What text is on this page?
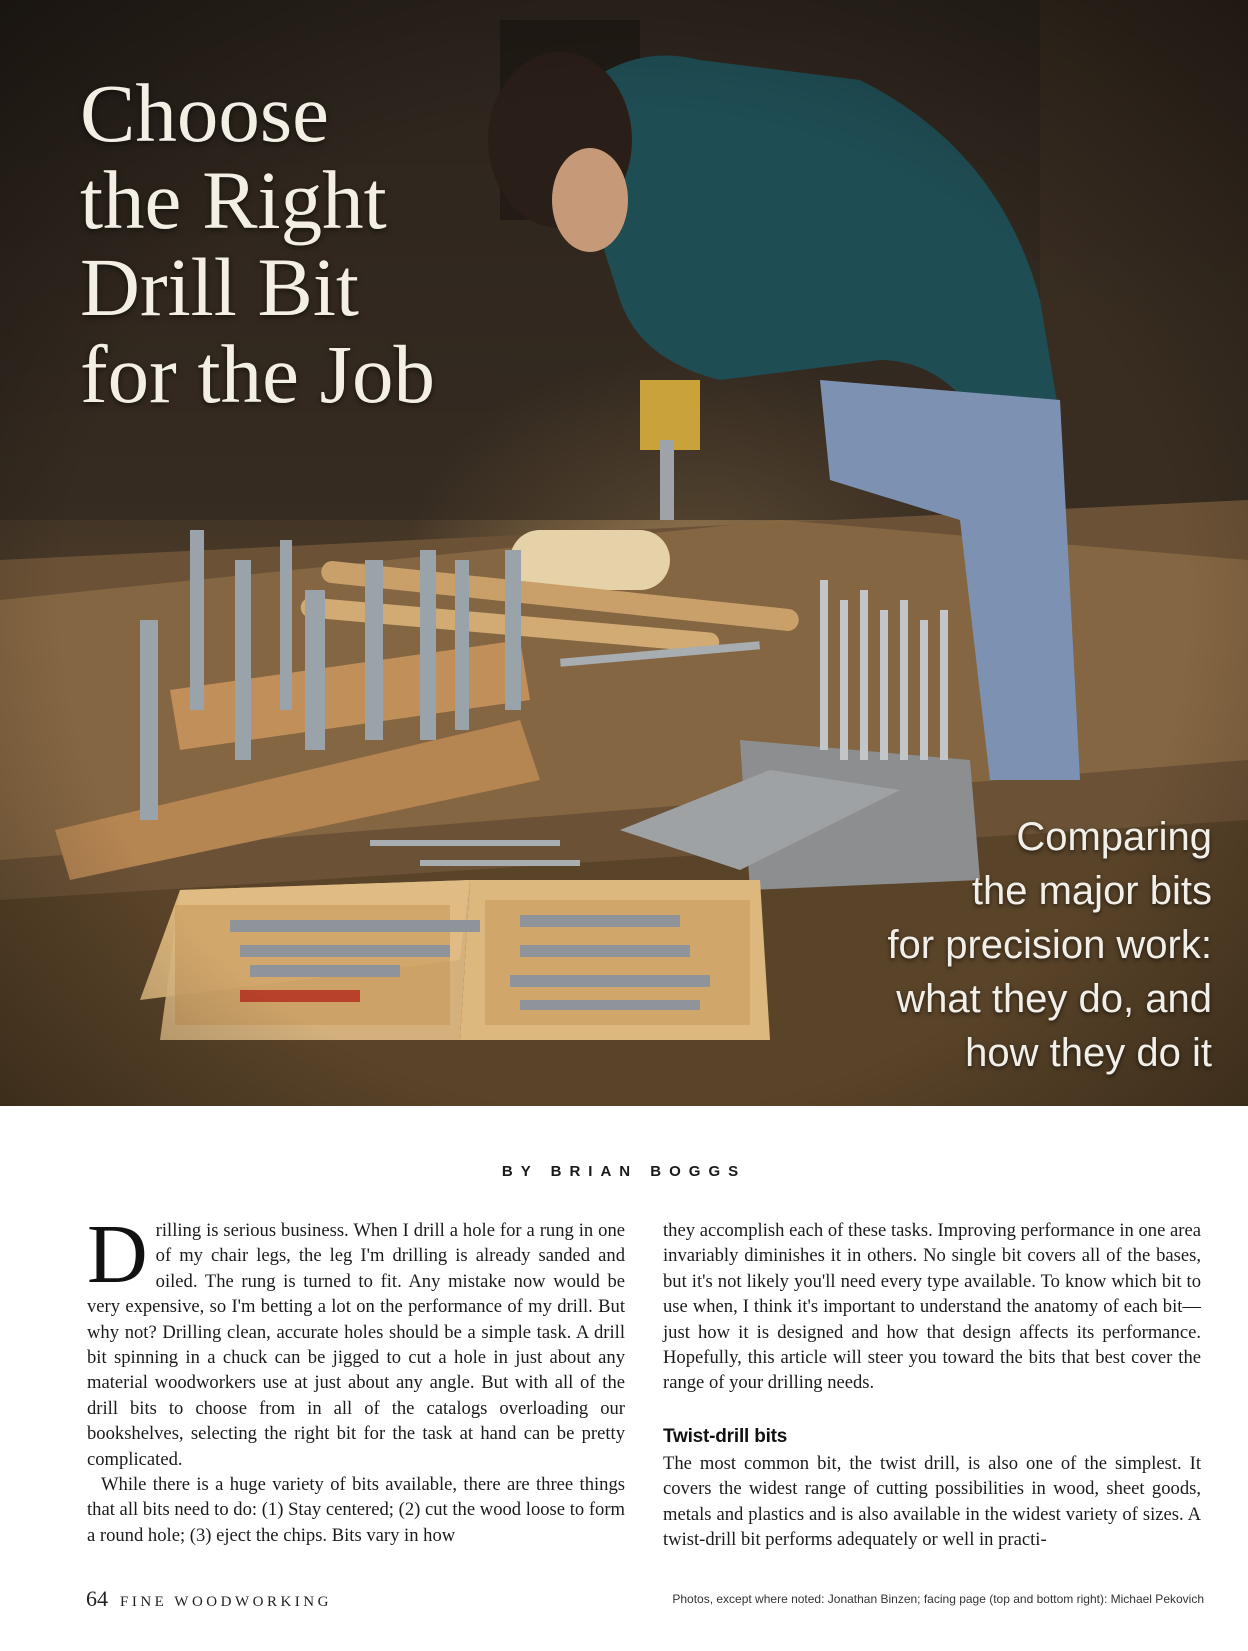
Choose
the Right
Drill Bit
for the Job

Comparing
the major bits
for precision work:
what they do, and
how they do it

BY BRIAN BOGGS

Drilling is serious business. When I drill a hole for a rung in one of my chair legs, the leg I'm drilling is already sanded and oiled. The rung is turned to fit. Any mistake now would be very expensive, so I'm betting a lot on the performance of my drill. But why not? Drilling clean, accurate holes should be a simple task. A drill bit spinning in a chuck can be jigged to cut a hole in just about any material woodworkers use at just about any angle. But with all of the drill bits to choose from in all of the catalogs overloading our bookshelves, selecting the right bit for the task at hand can be pretty complicated.

While there is a huge variety of bits available, there are three things that all bits need to do: (1) Stay centered; (2) cut the wood loose to form a round hole; (3) eject the chips. Bits vary in how

they accomplish each of these tasks. Improving performance in one area invariably diminishes it in others. No single bit covers all of the bases, but it's not likely you'll need every type available. To know which bit to use when, I think it's important to understand the anatomy of each bit—just how it is designed and how that design affects its performance. Hopefully, this article will steer you toward the bits that best cover the range of your drilling needs.

Twist-drill bits

The most common bit, the twist drill, is also one of the simplest. It covers the widest range of cutting possibilities in wood, sheet goods, metals and plastics and is also available in the widest variety of sizes. A twist-drill bit performs adequately or well in practi-

64 FINE WOODWORKING	Photos, except where noted: Jonathan Binzen; facing page (top and bottom right): Michael Pekovich
